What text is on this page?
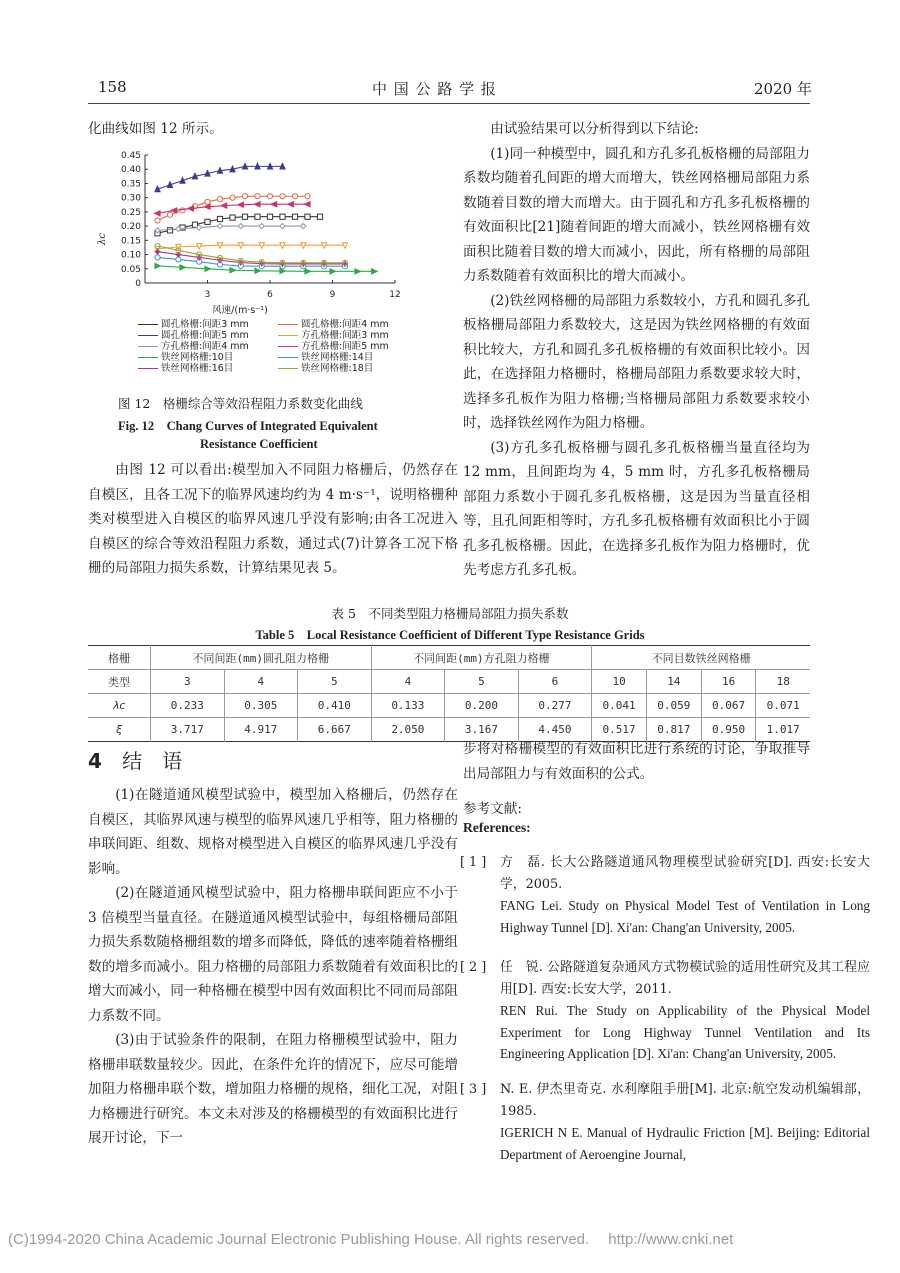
158	中 国 公 路 学 报	2020 年
化曲线如图 12 所示。
0
0.05
0.10
0.15
0.20
0.25
0.30
0.35
0.40
0.45
3	6	9	12
风速/(m·s⁻¹)
λc
圆孔格栅:间距3 mm	圆孔格栅:间距4 mm
圆孔格栅:间距5 mm	方孔格栅:间距3 mm
方孔格栅:间距4 mm	方孔格栅:间距5 mm
铁丝网格栅:10目	铁丝网格栅:14目
铁丝网格栅:16目	铁丝网格栅:18目
图 12　格栅综合等效沿程阻力系数变化曲线
Fig. 12　Chang Curves of Integrated Equivalent
Resistance Coefficient
由图 12 可以看出:模型加入不同阻力格栅后，仍然存在自模区，且各工况下的临界风速均约为 4 m·s⁻¹，说明格栅种类对模型进入自模区的临界风速几乎没有影响;由各工况进入自模区的综合等效沿程阻力系数，通过式(7)计算各工况下格栅的局部阻力损失系数，计算结果见表 5。

由试验结果可以分析得到以下结论:

(1)同一种模型中，圆孔和方孔多孔板格栅的局部阻力系数均随着孔间距的增大而增大，铁丝网格栅局部阻力系数随着目数的增大而增大。由于圆孔和方孔多孔板格栅的有效面积比[21]随着间距的增大而减小，铁丝网格栅有效面积比随着目数的增大而减小，因此，所有格栅的局部阻力系数随着有效面积比的增大而减小。

(2)铁丝网格栅的局部阻力系数较小，方孔和圆孔多孔板格栅局部阻力系数较大，这是因为铁丝网格栅的有效面积比较大，方孔和圆孔多孔板格栅的有效面积比较小。因此，在选择阻力格栅时，格栅局部阻力系数要求较大时，选择多孔板作为阻力格栅;当格栅局部阻力系数要求较小时，选择铁丝网作为阻力格栅。

(3)方孔多孔板格栅与圆孔多孔板格栅当量直径均为 12 mm，且间距均为 4，5 mm 时，方孔多孔板格栅局部阻力系数小于圆孔多孔板格栅，这是因为当量直径相等，且孔间距相等时，方孔多孔板格栅有效面积比小于圆孔多孔板格栅。因此，在选择多孔板作为阻力格栅时，优先考虑方孔多孔板。

表 5　不同类型阻力格栅局部阻力损失系数
Table 5　Local Resistance Coefficient of Different Type Resistance Grids
格栅	不同间距(mm)圆孔阻力格栅			不同间距(mm)方孔阻力格栅			不同目数铁丝网格栅			
类型	3	4	5	4	5	6	10	14	16	18
λc	0.233	0.305	0.410	0.133	0.200	0.277	0.041	0.059	0.067	0.071
ξ	3.717	4.917	6.667	2.050	3.167	4.450	0.517	0.817	0.950	1.017
4 结　语

(1)在隧道通风模型试验中，模型加入格栅后，仍然存在自模区，其临界风速与模型的临界风速几乎相等，阻力格栅的串联间距、组数、规格对模型进入自模区的临界风速几乎没有影响。

(2)在隧道通风模型试验中，阻力格栅串联间距应不小于 3 倍模型当量直径。在隧道通风模型试验中，每组格栅局部阻力损失系数随格栅组数的增多而降低，降低的速率随着格栅组数的增多而减小。阻力格栅的局部阻力系数随着有效面积比的增大而减小，同一种格栅在模型中因有效面积比不同而局部阻力系数不同。

(3)由于试验条件的限制，在阻力格栅模型试验中，阻力格栅串联数量较少。因此，在条件允许的情况下，应尽可能增加阻力格栅串联个数，增加阻力格栅的规格，细化工况，对阻力格栅进行研究。本文未对涉及的格栅模型的有效面积比进行展开讨论，下一

步将对格栅模型的有效面积比进行系统的讨论，争取推导出局部阻力与有效面积的公式。
参考文献:
References:
[ 1 ]	方　磊. 长大公路隧道通风物理模型试验研究[D]. 西安:长安大学，2005.
FANG Lei. Study on Physical Model Test of Ventilation in Long Highway Tunnel [D]. Xi'an: Chang'an University, 2005.
[ 2 ]	任　锐. 公路隧道复杂通风方式物模试验的适用性研究及其工程应用[D]. 西安:长安大学，2011.
REN Rui. The Study on Applicability of the Physical Model Experiment for Long Highway Tunnel Ventilation and Its Engineering Application [D]. Xi'an: Chang'an University, 2005.
[ 3 ]	N. E. 伊杰里奇克. 水利摩阻手册[M]. 北京:航空发动机编辑部，1985.
IGERICH N E. Manual of Hydraulic Friction [M]. Beijing: Editorial Department of Aeroengine Journal,
(C)1994-2020 China Academic Journal Electronic Publishing House. All rights reserved.　 http://www.cnki.net
